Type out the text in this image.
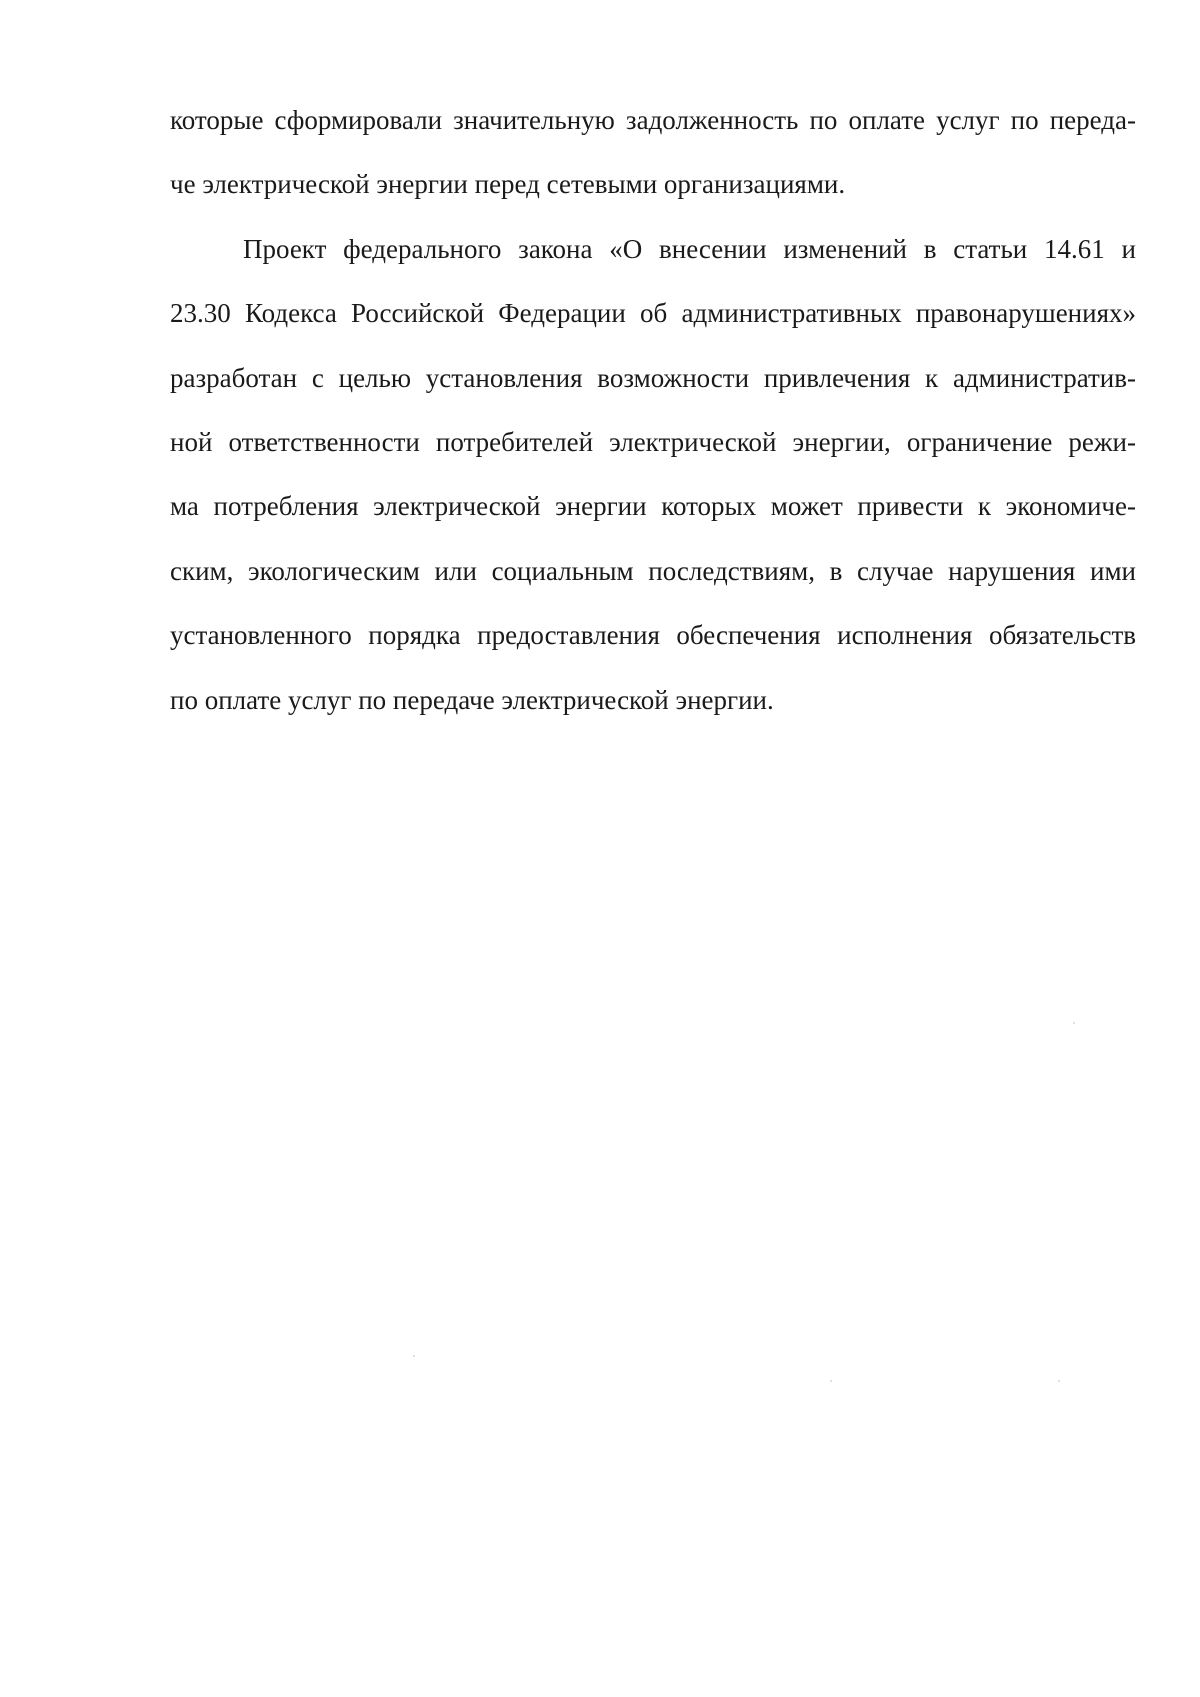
которые сформировали значительную задолженность по оплате услуг по переда-
че электрической энергии перед сетевыми организациями.

Проект федерального закона «О внесении изменений в статьи 14.61 и
23.30 Кодекса Российской Федерации об административных правонарушениях»
разработан с целью установления возможности привлечения к административ-
ной ответственности потребителей электрической энергии, ограничение режи-
ма потребления электрической энергии которых может привести к экономиче-
ским, экологическим или социальным последствиям, в случае нарушения ими
установленного порядка предоставления обеспечения исполнения обязательств
по оплате услуг по передаче электрической энергии.
